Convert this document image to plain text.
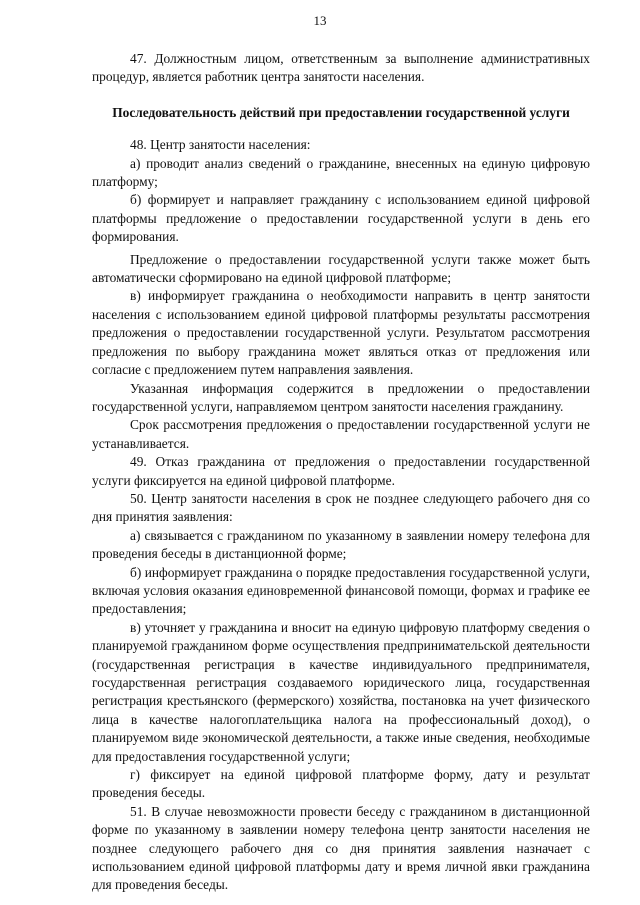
13

47. Должностным лицом, ответственным за выполнение административных процедур, является работник центра занятости населения.

Последовательность действий при предоставлении государственной услуги

48. Центр занятости населения:

а) проводит анализ сведений о гражданине, внесенных на единую цифровую платформу;

б) формирует и направляет гражданину с использованием единой цифровой платформы предложение о предоставлении государственной услуги в день его формирования.

Предложение о предоставлении государственной услуги также может быть автоматически сформировано на единой цифровой платформе;

в) информирует гражданина о необходимости направить в центр занятости населения с использованием единой цифровой платформы результаты рассмотрения предложения о предоставлении государственной услуги. Результатом рассмотрения предложения по выбору гражданина может являться отказ от предложения или согласие с предложением путем направления заявления.

Указанная информация содержится в предложении о предоставлении государственной услуги, направляемом центром занятости населения гражданину.

Срок рассмотрения предложения о предоставлении государственной услуги не устанавливается.

49. Отказ гражданина от предложения о предоставлении государственной услуги фиксируется на единой цифровой платформе.

50. Центр занятости населения в срок не позднее следующего рабочего дня со дня принятия заявления:

а) связывается с гражданином по указанному в заявлении номеру телефона для проведения беседы в дистанционной форме;

б) информирует гражданина о порядке предоставления государственной услуги, включая условия оказания единовременной финансовой помощи, формах и графике ее предоставления;

в) уточняет у гражданина и вносит на единую цифровую платформу сведения о планируемой гражданином форме осуществления предпринимательской деятельности (государственная регистрация в качестве индивидуального предпринимателя, государственная регистрация создаваемого юридического лица, государственная регистрация крестьянского (фермерского) хозяйства, постановка на учет физического лица в качестве налогоплательщика налога на профессиональный доход), о планируемом виде экономической деятельности, а также иные сведения, необходимые для предоставления государственной услуги;

г) фиксирует на единой цифровой платформе форму, дату и результат проведения беседы.

51. В случае невозможности провести беседу с гражданином в дистанционной форме по указанному в заявлении номеру телефона центр занятости населения не позднее следующего рабочего дня со дня принятия заявления назначает с использованием единой цифровой платформы дату и время личной явки гражданина для проведения беседы.
